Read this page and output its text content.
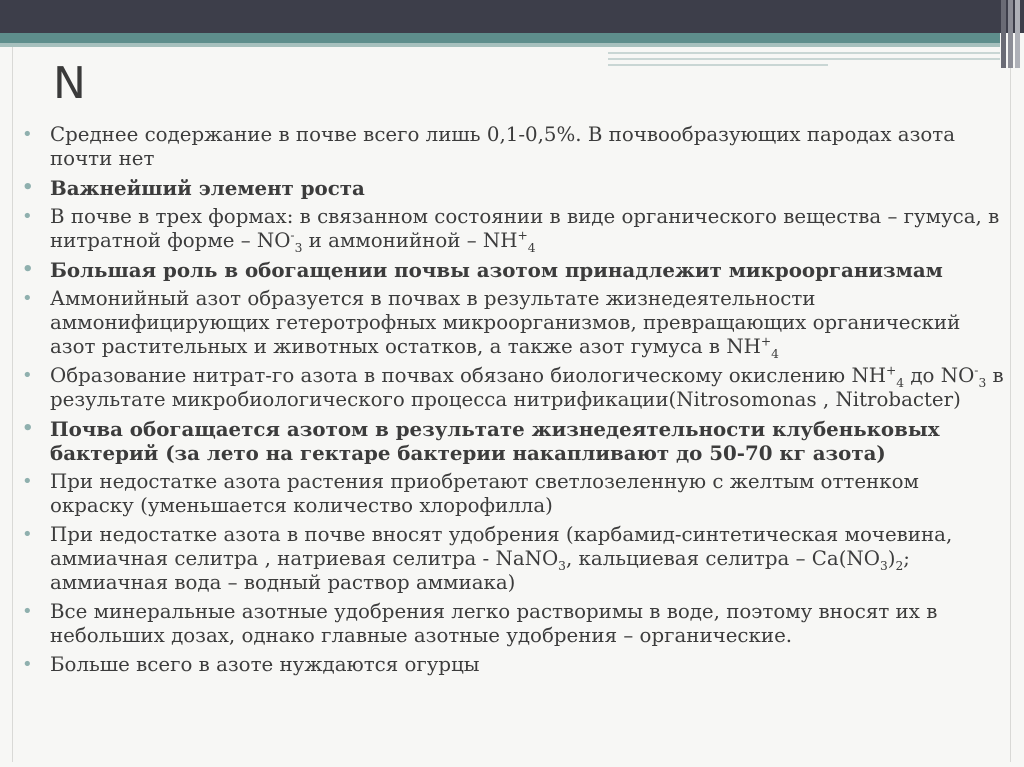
N
• Среднее содержание в почве всего лишь 0,1-0,5%. В почвообразующих пародах азота почти нет
• Важнейший элемент роста
• В почве в трех формах: в связанном состоянии в виде органического вещества – гумуса, в нитратной форме – $NO^-_3$ и аммонийной – $NH^+_4$
• Большая роль в обогащении почвы азотом принадлежит микроорганизмам
• Аммонийный азот образуется в почвах в результате жизнедеятельности аммонифицирующих гетеротрофных микроорганизмов, превращающих органический азот растительных и животных остатков, а также азот гумуса в $NH^+_4$
• Образование нитрат-го азота в почвах обязано биологическому окислению $NH^+_4$ до $NO^-_3$ в результате микробиологического процесса нитрификации(Nitrosomonas , Nitrobacter)
• Почва обогащается азотом в результате жизнедеятельности клубеньковых бактерий (за лето на гектаре бактерии накапливают до 50-70 кг азота)
• При недостатке азота растения приобретают светлозеленную с желтым оттенком окраску (уменьшается количество хлорофилла)
• При недостатке азота в почве вносят удобрения (карбамид-синтетическая мочевина, аммиачная селитра , натриевая селитра - NaNO$_3$, кальциевая селитра – $Ca(NO_3)_2$; аммиачная вода – водный раствор аммиака)
• Все минеральные азотные удобрения легко растворимы в воде, поэтому вносят их в небольших дозах, однако главные азотные удобрения – органические.
• Больше всего в азоте нуждаются огурцы
